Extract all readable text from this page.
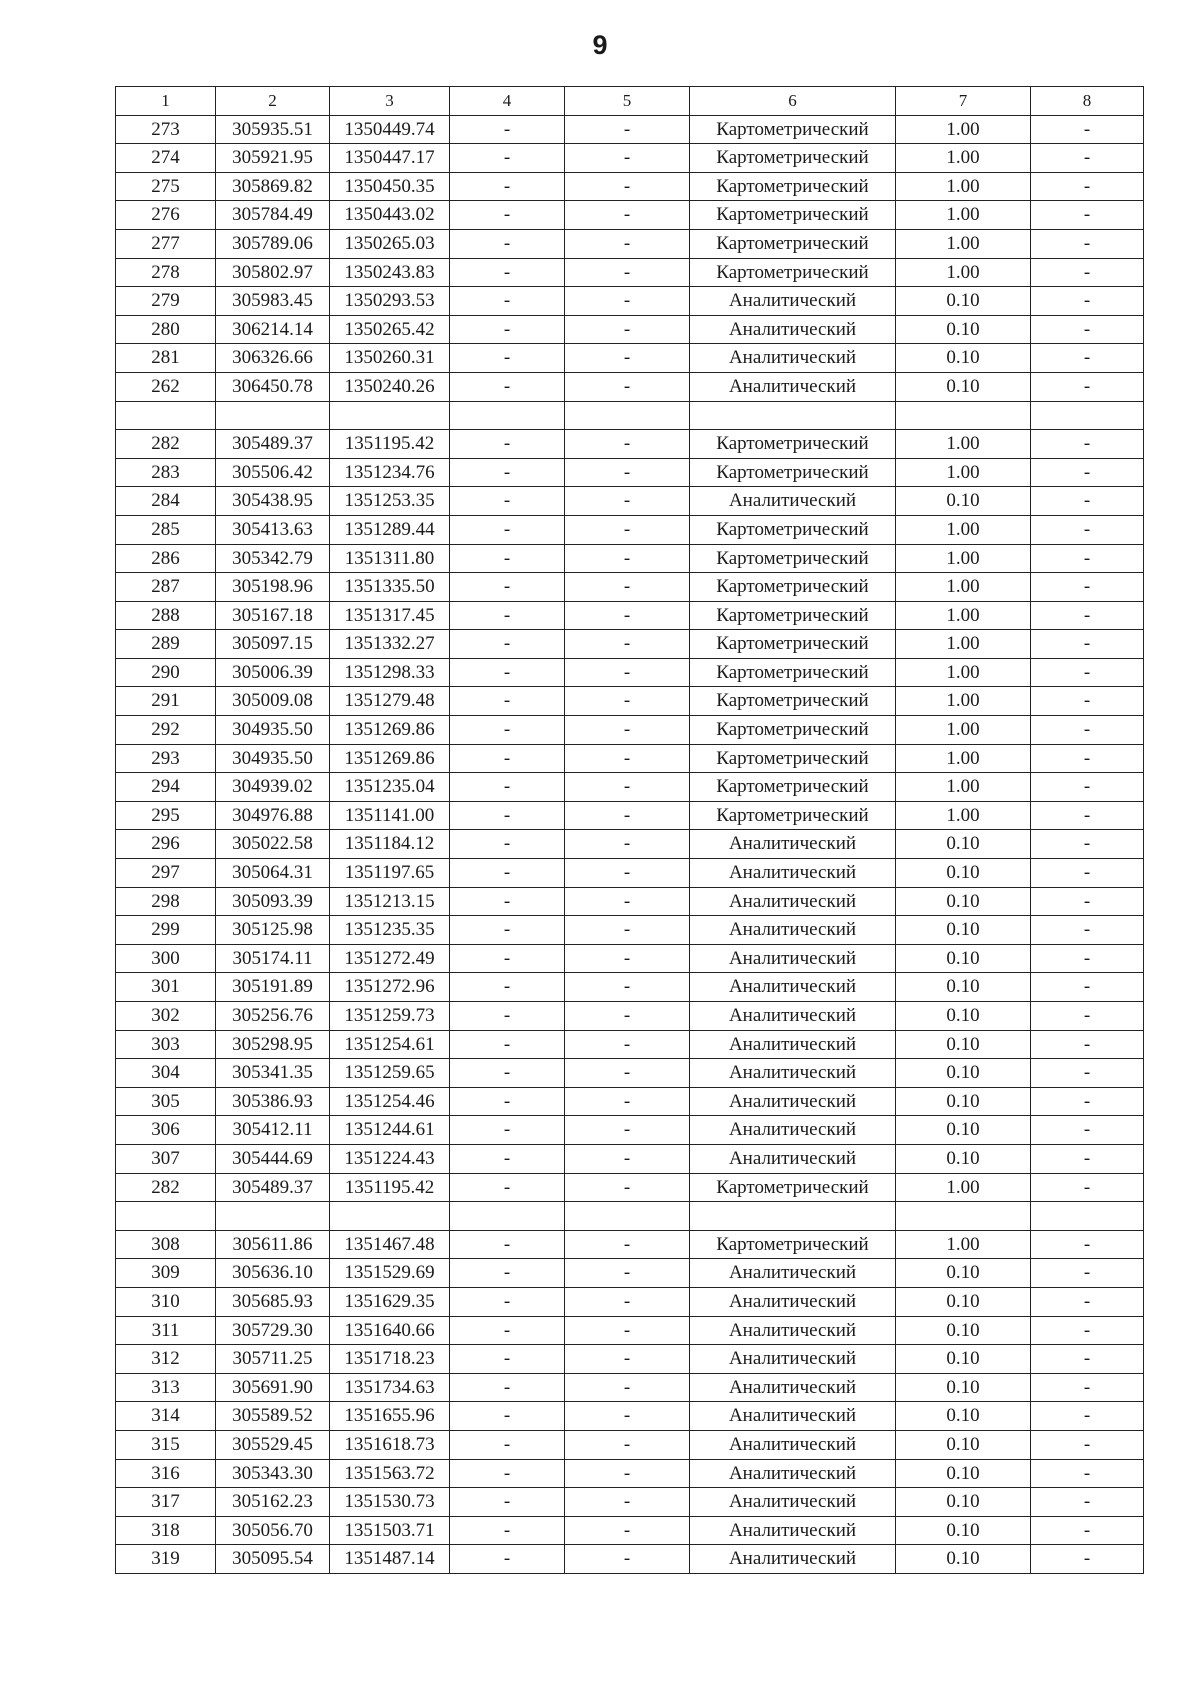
9
1	2	3	4	5	6	7	8
273	305935.51	1350449.74	-	-	Картометрический	1.00	-
274	305921.95	1350447.17	-	-	Картометрический	1.00	-
275	305869.82	1350450.35	-	-	Картометрический	1.00	-
276	305784.49	1350443.02	-	-	Картометрический	1.00	-
277	305789.06	1350265.03	-	-	Картометрический	1.00	-
278	305802.97	1350243.83	-	-	Картометрический	1.00	-
279	305983.45	1350293.53	-	-	Аналитический	0.10	-
280	306214.14	1350265.42	-	-	Аналитический	0.10	-
281	306326.66	1350260.31	-	-	Аналитический	0.10	-
262	306450.78	1350240.26	-	-	Аналитический	0.10	-

282	305489.37	1351195.42	-	-	Картометрический	1.00	-
283	305506.42	1351234.76	-	-	Картометрический	1.00	-
284	305438.95	1351253.35	-	-	Аналитический	0.10	-
285	305413.63	1351289.44	-	-	Картометрический	1.00	-
286	305342.79	1351311.80	-	-	Картометрический	1.00	-
287	305198.96	1351335.50	-	-	Картометрический	1.00	-
288	305167.18	1351317.45	-	-	Картометрический	1.00	-
289	305097.15	1351332.27	-	-	Картометрический	1.00	-
290	305006.39	1351298.33	-	-	Картометрический	1.00	-
291	305009.08	1351279.48	-	-	Картометрический	1.00	-
292	304935.50	1351269.86	-	-	Картометрический	1.00	-
293	304935.50	1351269.86	-	-	Картометрический	1.00	-
294	304939.02	1351235.04	-	-	Картометрический	1.00	-
295	304976.88	1351141.00	-	-	Картометрический	1.00	-
296	305022.58	1351184.12	-	-	Аналитический	0.10	-
297	305064.31	1351197.65	-	-	Аналитический	0.10	-
298	305093.39	1351213.15	-	-	Аналитический	0.10	-
299	305125.98	1351235.35	-	-	Аналитический	0.10	-
300	305174.11	1351272.49	-	-	Аналитический	0.10	-
301	305191.89	1351272.96	-	-	Аналитический	0.10	-
302	305256.76	1351259.73	-	-	Аналитический	0.10	-
303	305298.95	1351254.61	-	-	Аналитический	0.10	-
304	305341.35	1351259.65	-	-	Аналитический	0.10	-
305	305386.93	1351254.46	-	-	Аналитический	0.10	-
306	305412.11	1351244.61	-	-	Аналитический	0.10	-
307	305444.69	1351224.43	-	-	Аналитический	0.10	-
282	305489.37	1351195.42	-	-	Картометрический	1.00	-

308	305611.86	1351467.48	-	-	Картометрический	1.00	-
309	305636.10	1351529.69	-	-	Аналитический	0.10	-
310	305685.93	1351629.35	-	-	Аналитический	0.10	-
311	305729.30	1351640.66	-	-	Аналитический	0.10	-
312	305711.25	1351718.23	-	-	Аналитический	0.10	-
313	305691.90	1351734.63	-	-	Аналитический	0.10	-
314	305589.52	1351655.96	-	-	Аналитический	0.10	-
315	305529.45	1351618.73	-	-	Аналитический	0.10	-
316	305343.30	1351563.72	-	-	Аналитический	0.10	-
317	305162.23	1351530.73	-	-	Аналитический	0.10	-
318	305056.70	1351503.71	-	-	Аналитический	0.10	-
319	305095.54	1351487.14	-	-	Аналитический	0.10	-
